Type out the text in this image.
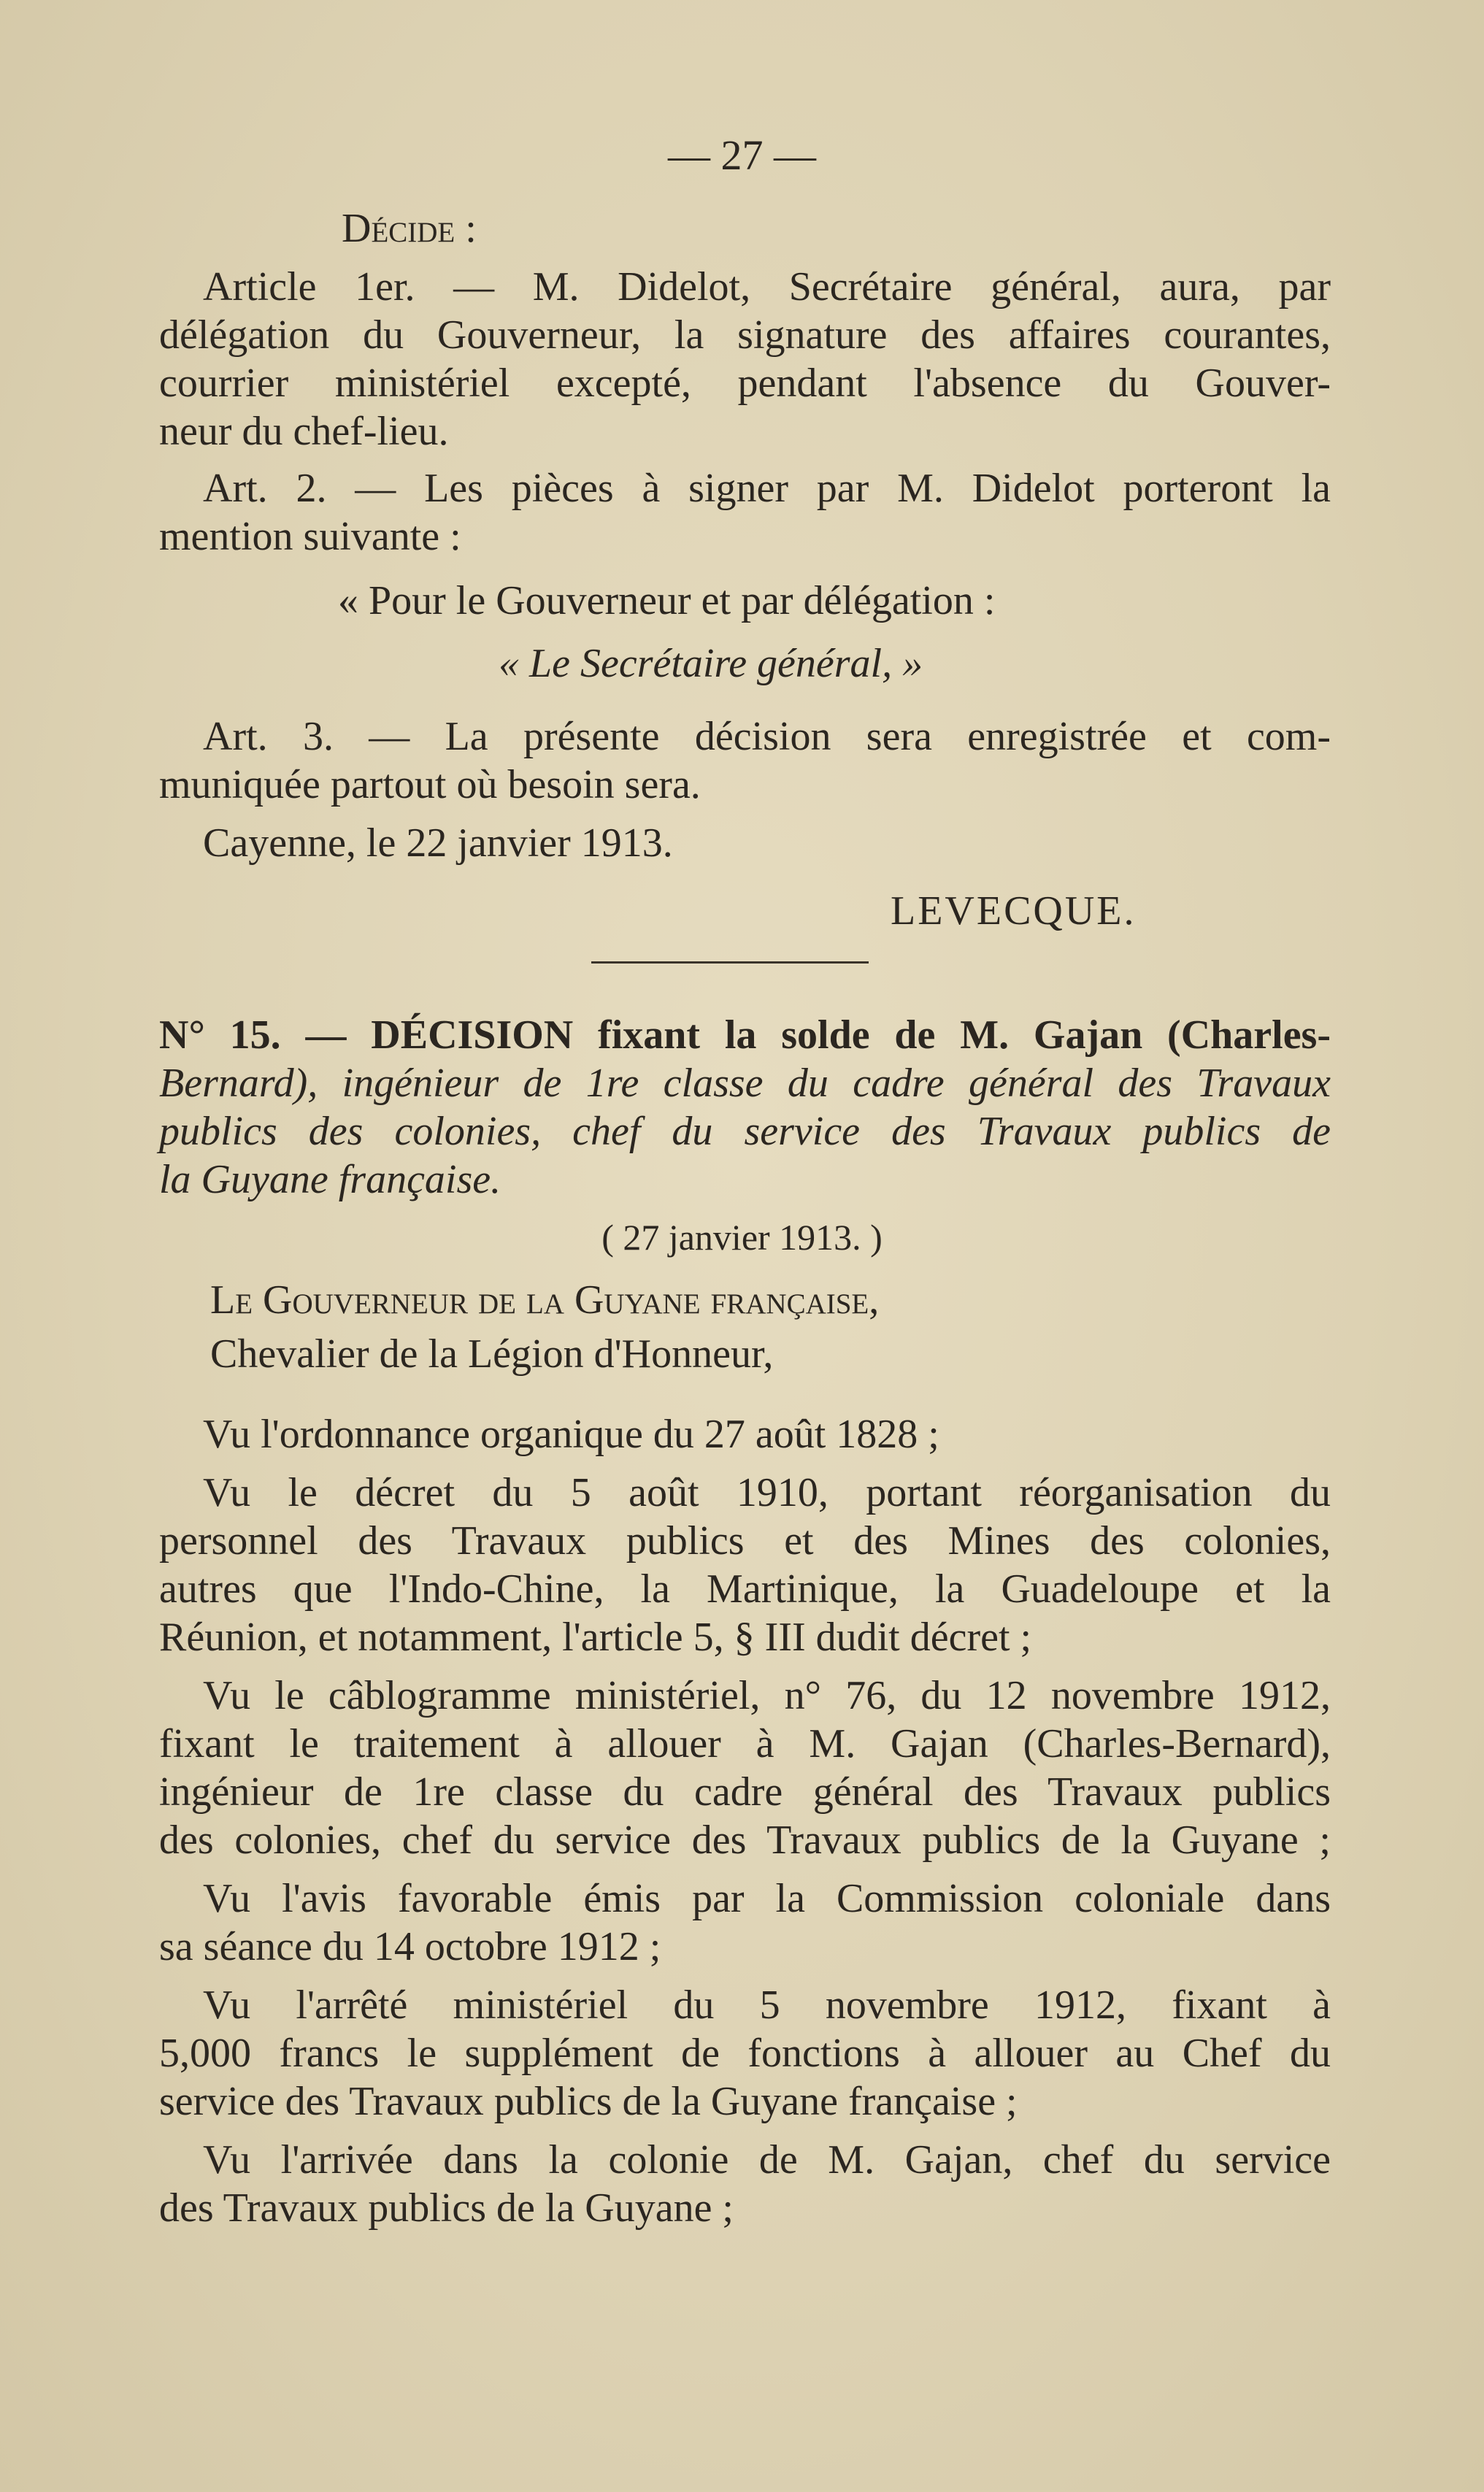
— 27 —
Décide :
Article 1er. — M. Didelot, Secrétaire général, aura, par
délégation du Gouverneur, la signature des affaires courantes,
courrier ministériel excepté, pendant l'absence du Gouver-
neur du chef-lieu.
Art. 2. — Les pièces à signer par M. Didelot porteront la
mention suivante :
« Pour le Gouverneur et par délégation :
« Le Secrétaire général, »
Art. 3. — La présente décision sera enregistrée et com-
muniquée partout où besoin sera.
Cayenne, le 22 janvier 1913.
LEVECQUE.
N° 15. — DÉCISION fixant la solde de M. Gajan (Charles-
Bernard), ingénieur de 1re classe du cadre général des Travaux
publics des colonies, chef du service des Travaux publics de
la Guyane française.
( 27 janvier 1913. )
Le Gouverneur de la Guyane française,
Chevalier de la Légion d'Honneur,
Vu l'ordonnance organique du 27 août 1828 ;
Vu le décret du 5 août 1910, portant réorganisation du
personnel des Travaux publics et des Mines des colonies,
autres que l'Indo-Chine, la Martinique, la Guadeloupe et la
Réunion, et notamment, l'article 5, § III dudit décret ;
Vu le câblogramme ministériel, n° 76, du 12 novembre 1912,
fixant le traitement à allouer à M. Gajan (Charles-Bernard),
ingénieur de 1re classe du cadre général des Travaux publics
des colonies, chef du service des Travaux publics de la Guyane ;
Vu l'avis favorable émis par la Commission coloniale dans
sa séance du 14 octobre 1912 ;
Vu l'arrêté ministériel du 5 novembre 1912, fixant à
5,000 francs le supplément de fonctions à allouer au Chef du
service des Travaux publics de la Guyane française ;
Vu l'arrivée dans la colonie de M. Gajan, chef du service
des Travaux publics de la Guyane ;
